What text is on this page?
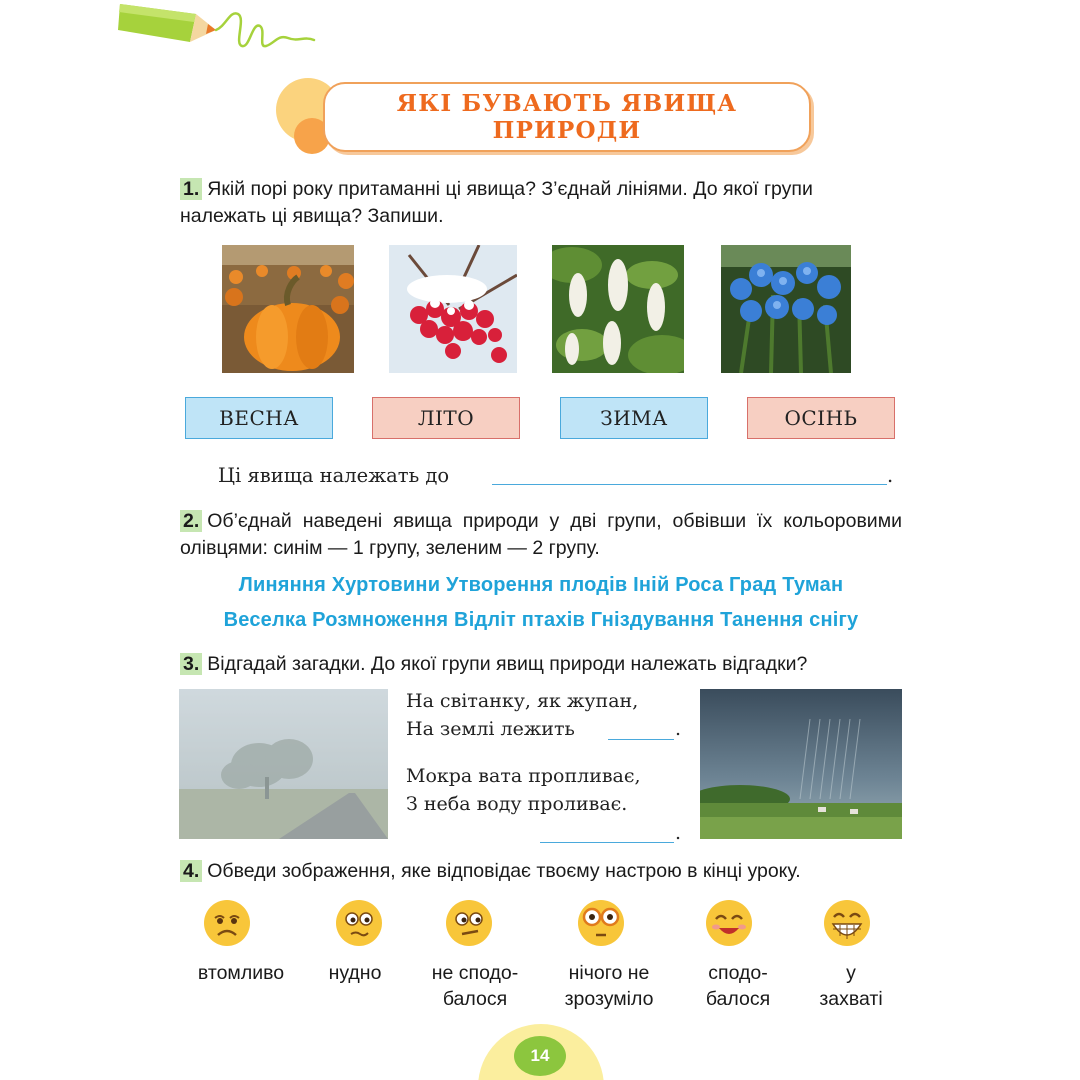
ЯКІ БУВАЮТЬ ЯВИЩА
ПРИРОДИ
1. Якій порі року притаманні ці явища? З’єднай лініями. До якої групи належать ці явища? Запиши.
ВЕСНА	ЛІТО	ЗИМА	ОСІНЬ
Ці явища належать до	.
2. Об’єднай наведені явища природи у дві групи, обвівши їх кольоровими олівцями: синім — 1 групу, зеленим — 2 групу.
Линяння Хуртовини Утворення плодів Іній Роса Град Туман
Веселка Розмноження Відліт птахів Гніздування Танення снігу
3. Відгадай загадки. До якої групи явищ природи належать відгадки?
На світанку, як жупан,
На землі лежить	.
Мокра вата пропливає,
З неба воду проливає.
.
4. Обведи зображення, яке відповідає твоєму настрою в кінці уроку.
втомливо	нудно	не сподо-
балося
нічого не
зрозуміло
сподо-
балося
у
захваті
14
